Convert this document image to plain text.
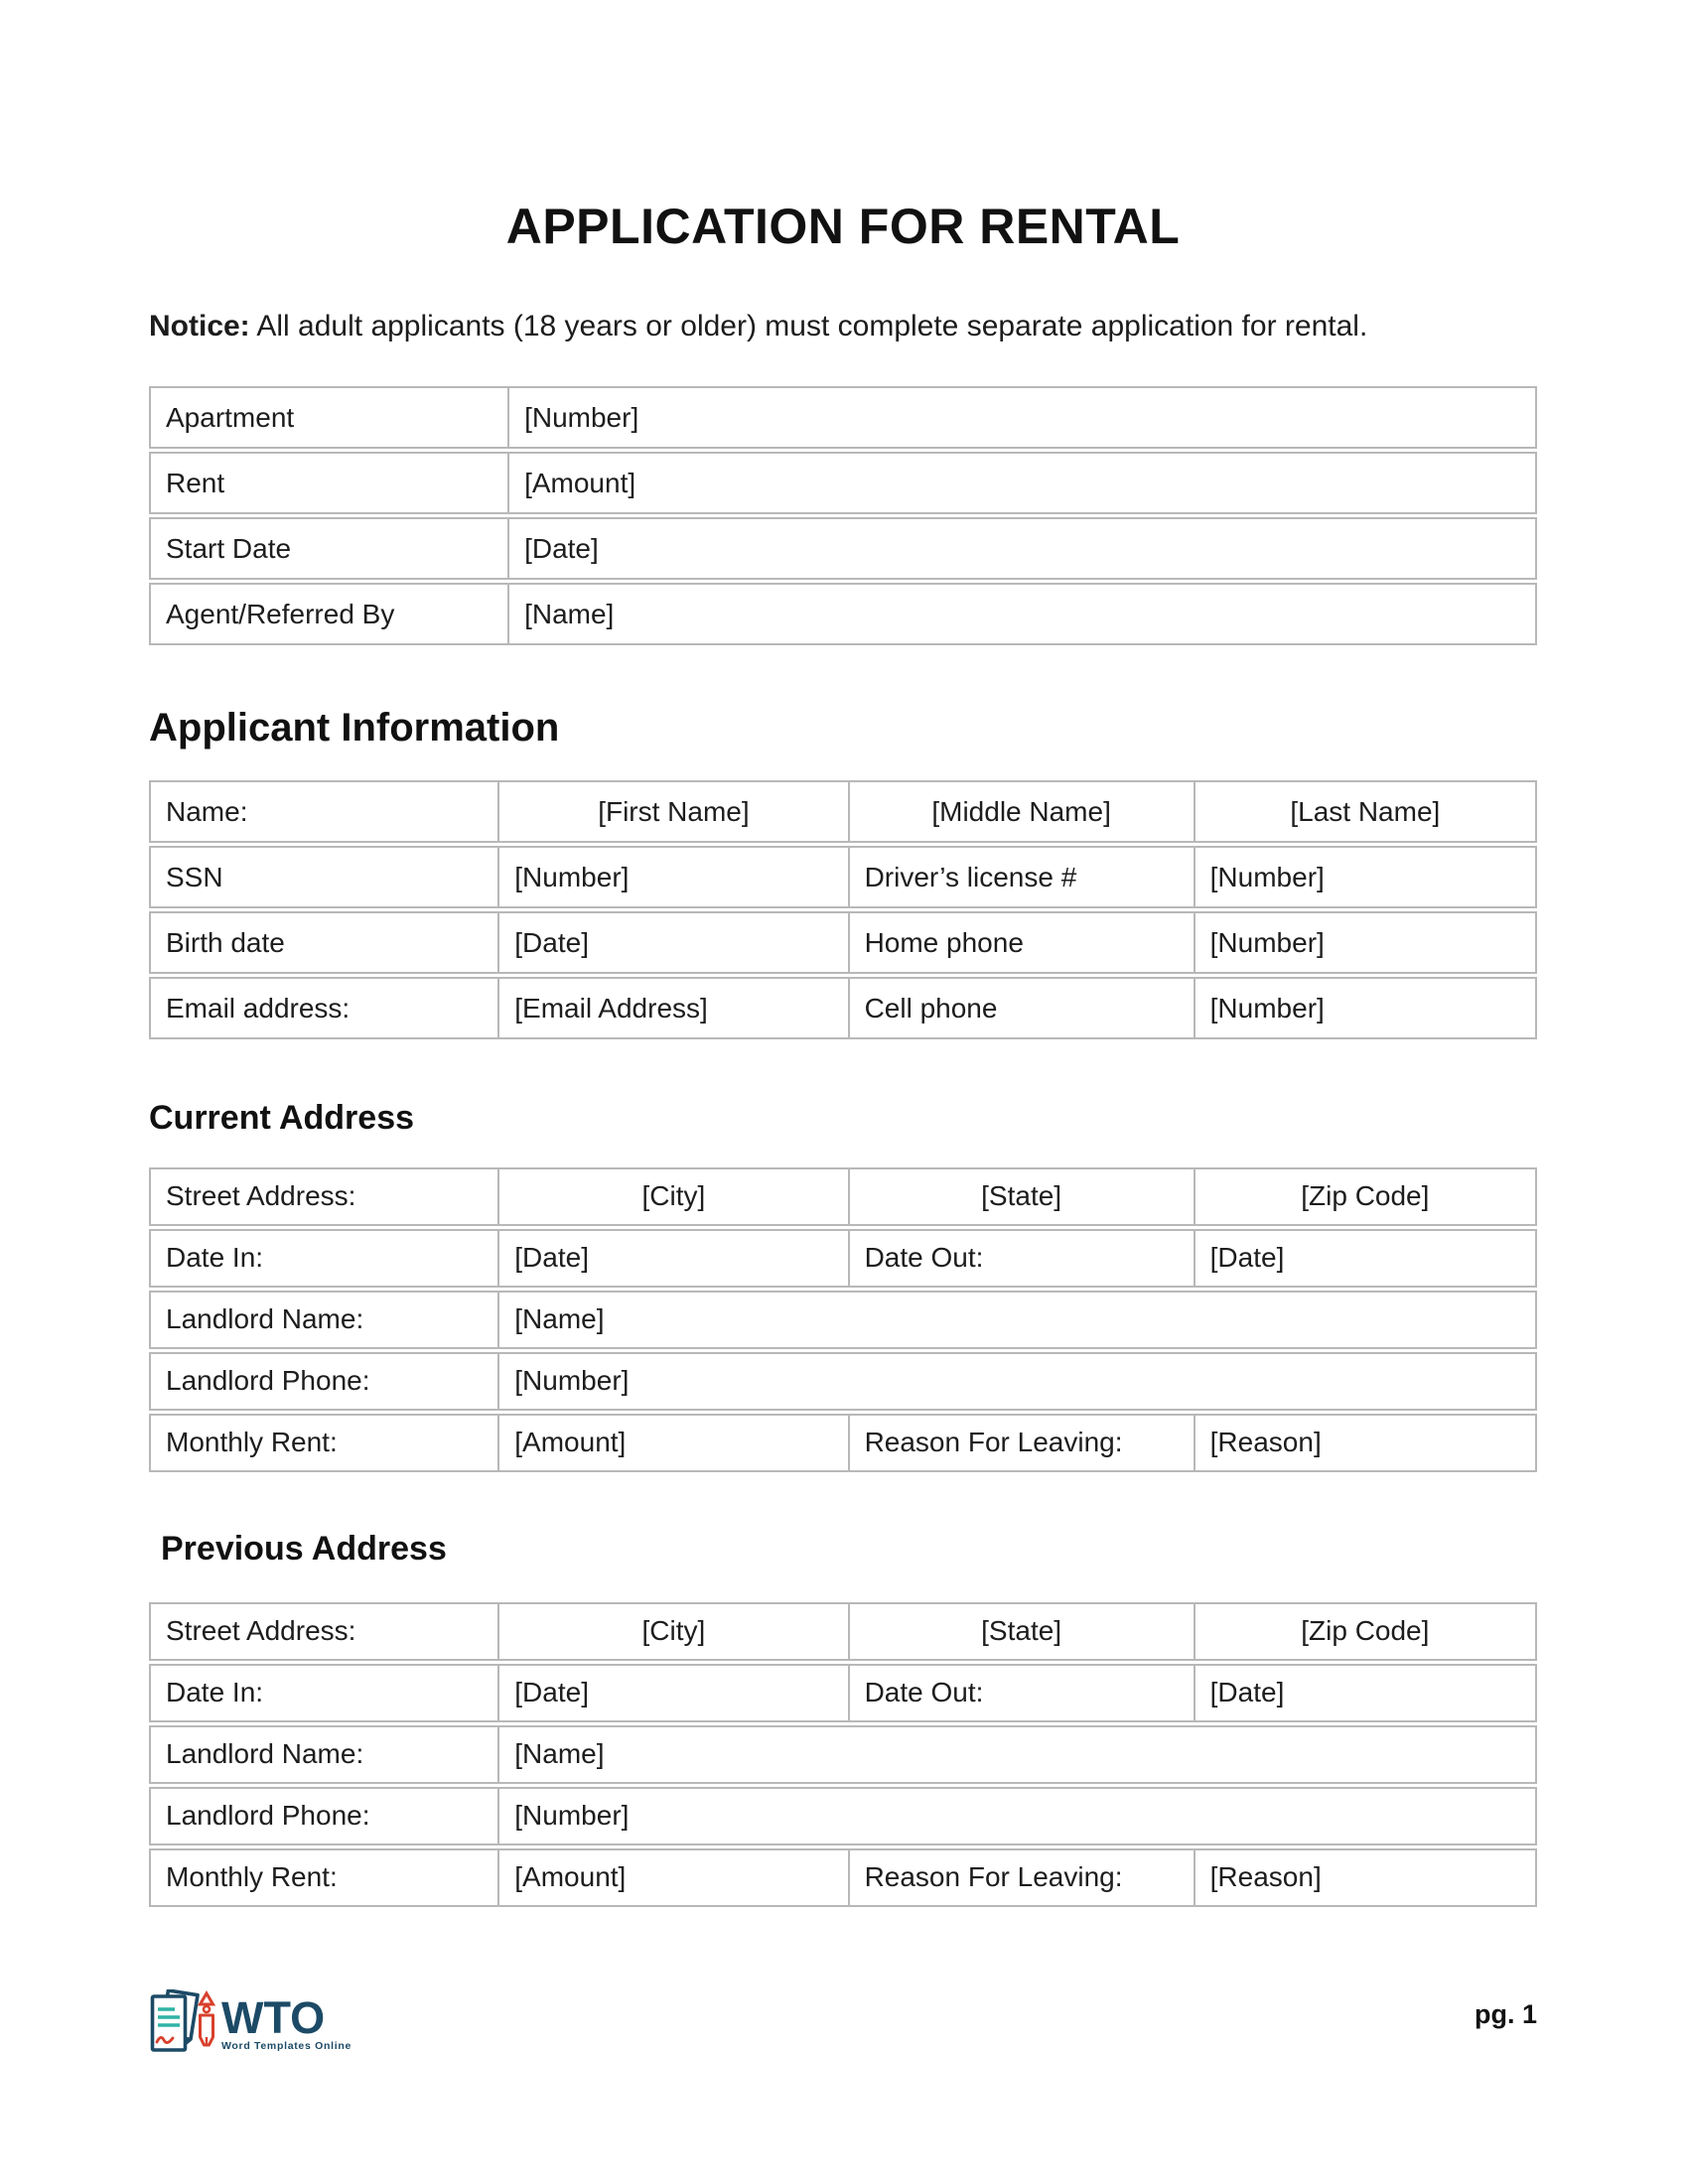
APPLICATION FOR RENTAL

Notice: All adult applicants (18 years or older) must complete separate application for rental.

Apartment	[Number]
Rent	[Amount]
Start Date	[Date]
Agent/Referred By	[Name]
Applicant Information
Name:	[First Name]	[Middle Name]	[Last Name]
SSN	[Number]	Driver’s license #	[Number]
Birth date	[Date]	Home phone	[Number]
Email address:	[Email Address]	Cell phone	[Number]
Current Address
Street Address:	[City]	[State]	[Zip Code]
Date In:	[Date]	Date Out:	[Date]
Landlord Name:	[Name]		
Landlord Phone:	[Number]		
Monthly Rent:	[Amount]	Reason For Leaving:	[Reason]
Previous Address
Street Address:	[City]	[State]	[Zip Code]
Date In:	[Date]	Date Out:	[Date]
Landlord Name:	[Name]		
Landlord Phone:	[Number]		
Monthly Rent:	[Amount]	Reason For Leaving:	[Reason]
WTO
Word Templates Online
pg. 1
